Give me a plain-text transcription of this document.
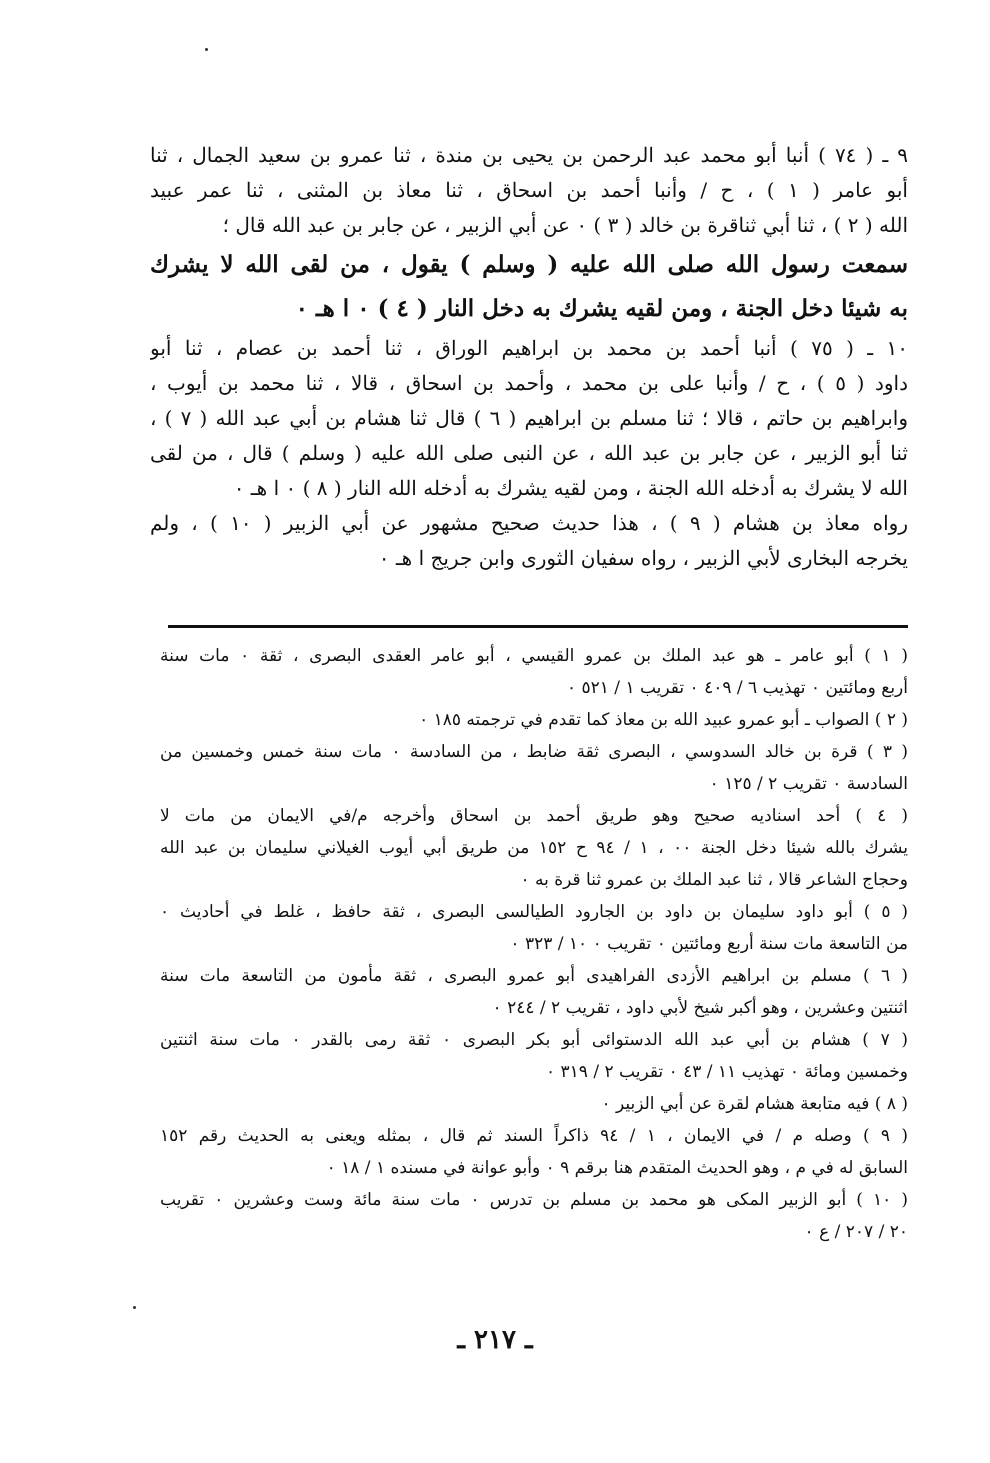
٩ ـ ( ٧٤ ) أنبا أبو محمد عبد الرحمن بن يحيى بن مندة ، ثنا عمرو بن سعيد الجمال ، ثنا
أبو عامر ( ١ ) ، ح / وأنبا أحمد بن اسحاق ، ثنا معاذ بن المثنى ، ثنا عمر عبيد
الله ( ٢ ) ، ثنا أبي ثناقرة بن خالد ( ٣ ) ٠ عن أبي الزبير ، عن جابر بن عبد الله قال ؛
سمعت رسول الله صلى الله عليه ( وسلم ) يقول ، من لقى الله لا يشرك
به شيئا دخل الجنة ، ومن لقيه يشرك به دخل النار ( ٤ ) ٠ ا هـ ٠
١٠ ـ ( ٧٥ ) أنبا أحمد بن محمد بن ابراهيم الوراق ، ثنا أحمد بن عصام ، ثنا أبو
داود ( ٥ ) ، ح / وأنبا على بن محمد ، وأحمد بن اسحاق ، قالا ، ثنا محمد بن أيوب ،
وابراهيم بن حاتم ، قالا ؛ ثنا مسلم بن ابراهيم ( ٦ ) قال ثنا هشام بن أبي عبد الله ( ٧ ) ،
ثنا أبو الزبير ، عن جابر بن عبد الله ، عن النبى صلى الله عليه ( وسلم ) قال ، من لقى
الله لا يشرك به أدخله الله الجنة ، ومن لقيه يشرك به أدخله الله النار ( ٨ ) ٠ ا هـ ٠
رواه معاذ بن هشام ( ٩ ) ، هذا حديث صحيح مشهور عن أبي الزبير ( ١٠ ) ، ولم
يخرجه البخارى لأبي الزبير ، رواه سفيان الثورى وابن جريج ا هـ ٠
( ١ ) أبو عامر ـ هو عبد الملك بن عمرو القيسي ، أبو عامر العقدى البصرى ، ثقة ٠ مات سنة
أربع ومائتين ٠ تهذيب ٦ / ٤٠٩ ٠ تقريب ١ / ٥٢١ ٠
( ٢ ) الصواب ـ أبو عمرو عبيد الله بن معاذ كما تقدم في ترجمته ١٨٥ ٠
( ٣ ) قرة بن خالد السدوسي ، البصرى ثقة ضابط ، من السادسة ٠ مات سنة خمس وخمسين من
السادسة ٠ تقريب ٢ / ١٢٥ ٠
( ٤ ) أحد اسناديه صحيح وهو طريق أحمد بن اسحاق وأخرجه م/في الايمان من مات لا
يشرك بالله شيئا دخل الجنة ٠٠ ، ١ / ٩٤ ح ١٥٢ من طريق أبي أيوب الغيلاني سليمان بن عبد الله
وحجاج الشاعر قالا ، ثنا عبد الملك بن عمرو ثنا قرة به ٠
( ٥ ) أبو داود سليمان بن داود بن الجارود الطيالسى البصرى ، ثقة حافظ ، غلط في أحاديث ٠
من التاسعة مات سنة أربع ومائتين ٠ تقريب ٠ ١٠ / ٣٢٣ ٠
( ٦ ) مسلم بن ابراهيم الأزدى الفراهيدى أبو عمرو البصرى ، ثقة مأمون من التاسعة مات سنة
اثنتين وعشرين ، وهو أكبر شيخ لأبي داود ، تقريب ٢ / ٢٤٤ ٠
( ٧ ) هشام بن أبي عبد الله الدستوائى أبو بكر البصرى ٠ ثقة رمى بالقدر ٠ مات سنة اثنتين
وخمسين ومائة ٠ تهذيب ١١ / ٤٣ ٠ تقريب ٢ / ٣١٩ ٠
( ٨ ) فيه متابعة هشام لقرة عن أبي الزبير ٠
( ٩ ) وصله م / في الايمان ، ١ / ٩٤ ذاكراً السند ثم قال ، بمثله ويعنى به الحديث رقم ١٥٢
السابق له في م ، وهو الحديث المتقدم هنا برقم ٩ ٠ وأبو عوانة في مسنده ١ / ١٨ ٠
( ١٠ ) أبو الزبير المكى هو محمد بن مسلم بن تدرس ٠ مات سنة مائة وست وعشرين ٠ تقريب
٢٠ / ٢٠٧ / ع ٠
ـ ٢١٧ ـ
